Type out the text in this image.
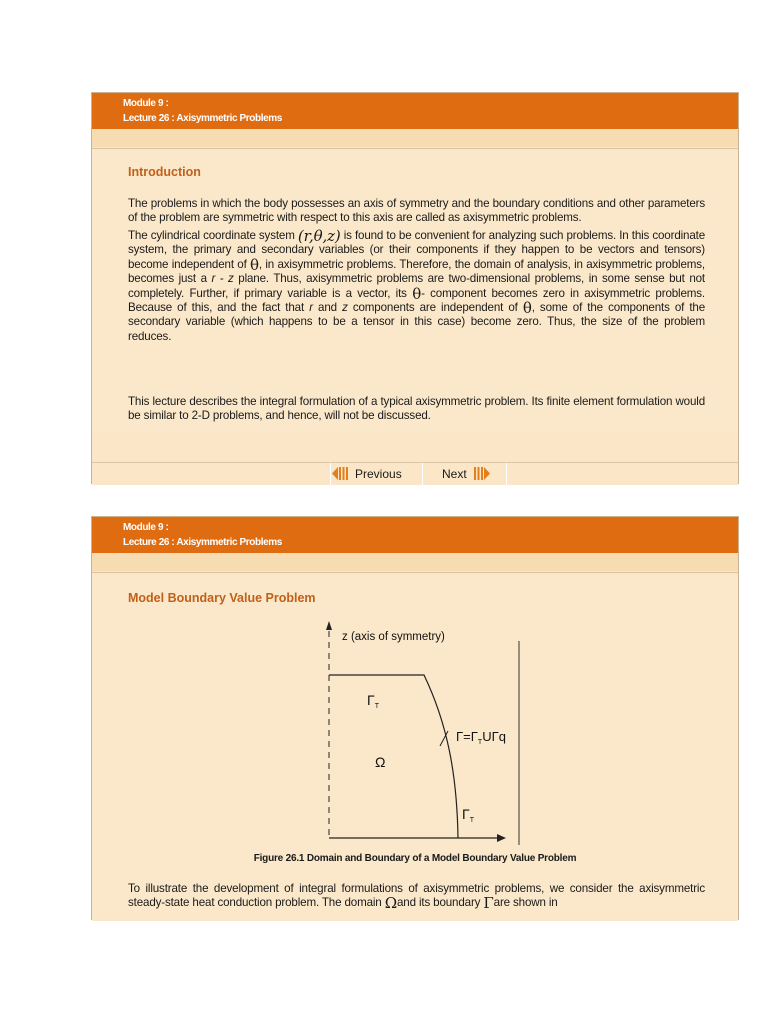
Module 9 :
Lecture 26 : Axisymmetric Problems
Introduction
The problems in which the body possesses an axis of symmetry and the boundary conditions and other parameters of the problem are symmetric with respect to this axis are called as axisymmetric problems.
The cylindrical coordinate system (r,θ,z) is found to be convenient for analyzing such problems. In this coordinate system, the primary and secondary variables (or their components if they happen to be vectors and tensors) become independent of θ, in axisymmetric problems. Therefore, the domain of analysis, in axisymmetric problems, becomes just a r - z plane. Thus, axisymmetric problems are two-dimensional problems, in some sense but not completely. Further, if primary variable is a vector, its θ- component becomes zero in axisymmetric problems. Because of this, and the fact that r and z components are independent of θ, some of the components of the secondary variable (which happens to be a tensor in this case) become zero. Thus, the size of the problem reduces.
This lecture describes the integral formulation of a typical axisymmetric problem. Its finite element formulation would be similar to 2-D problems, and hence, will not be discussed.
Previous	Next
Module 9 :
Lecture 26 : Axisymmetric Problems
Model Boundary Value Problem
z (axis of symmetry)
$\Gamma_T$
Ω
$\Gamma=\Gamma_TU\Gamma q$
$\Gamma_T$
Figure 26.1 Domain and Boundary of a Model Boundary Value Problem
To illustrate the development of integral formulations of axisymmetric problems, we consider the axisymmetric steady-state heat conduction problem. The domain Ωand its boundary Γare shown in
